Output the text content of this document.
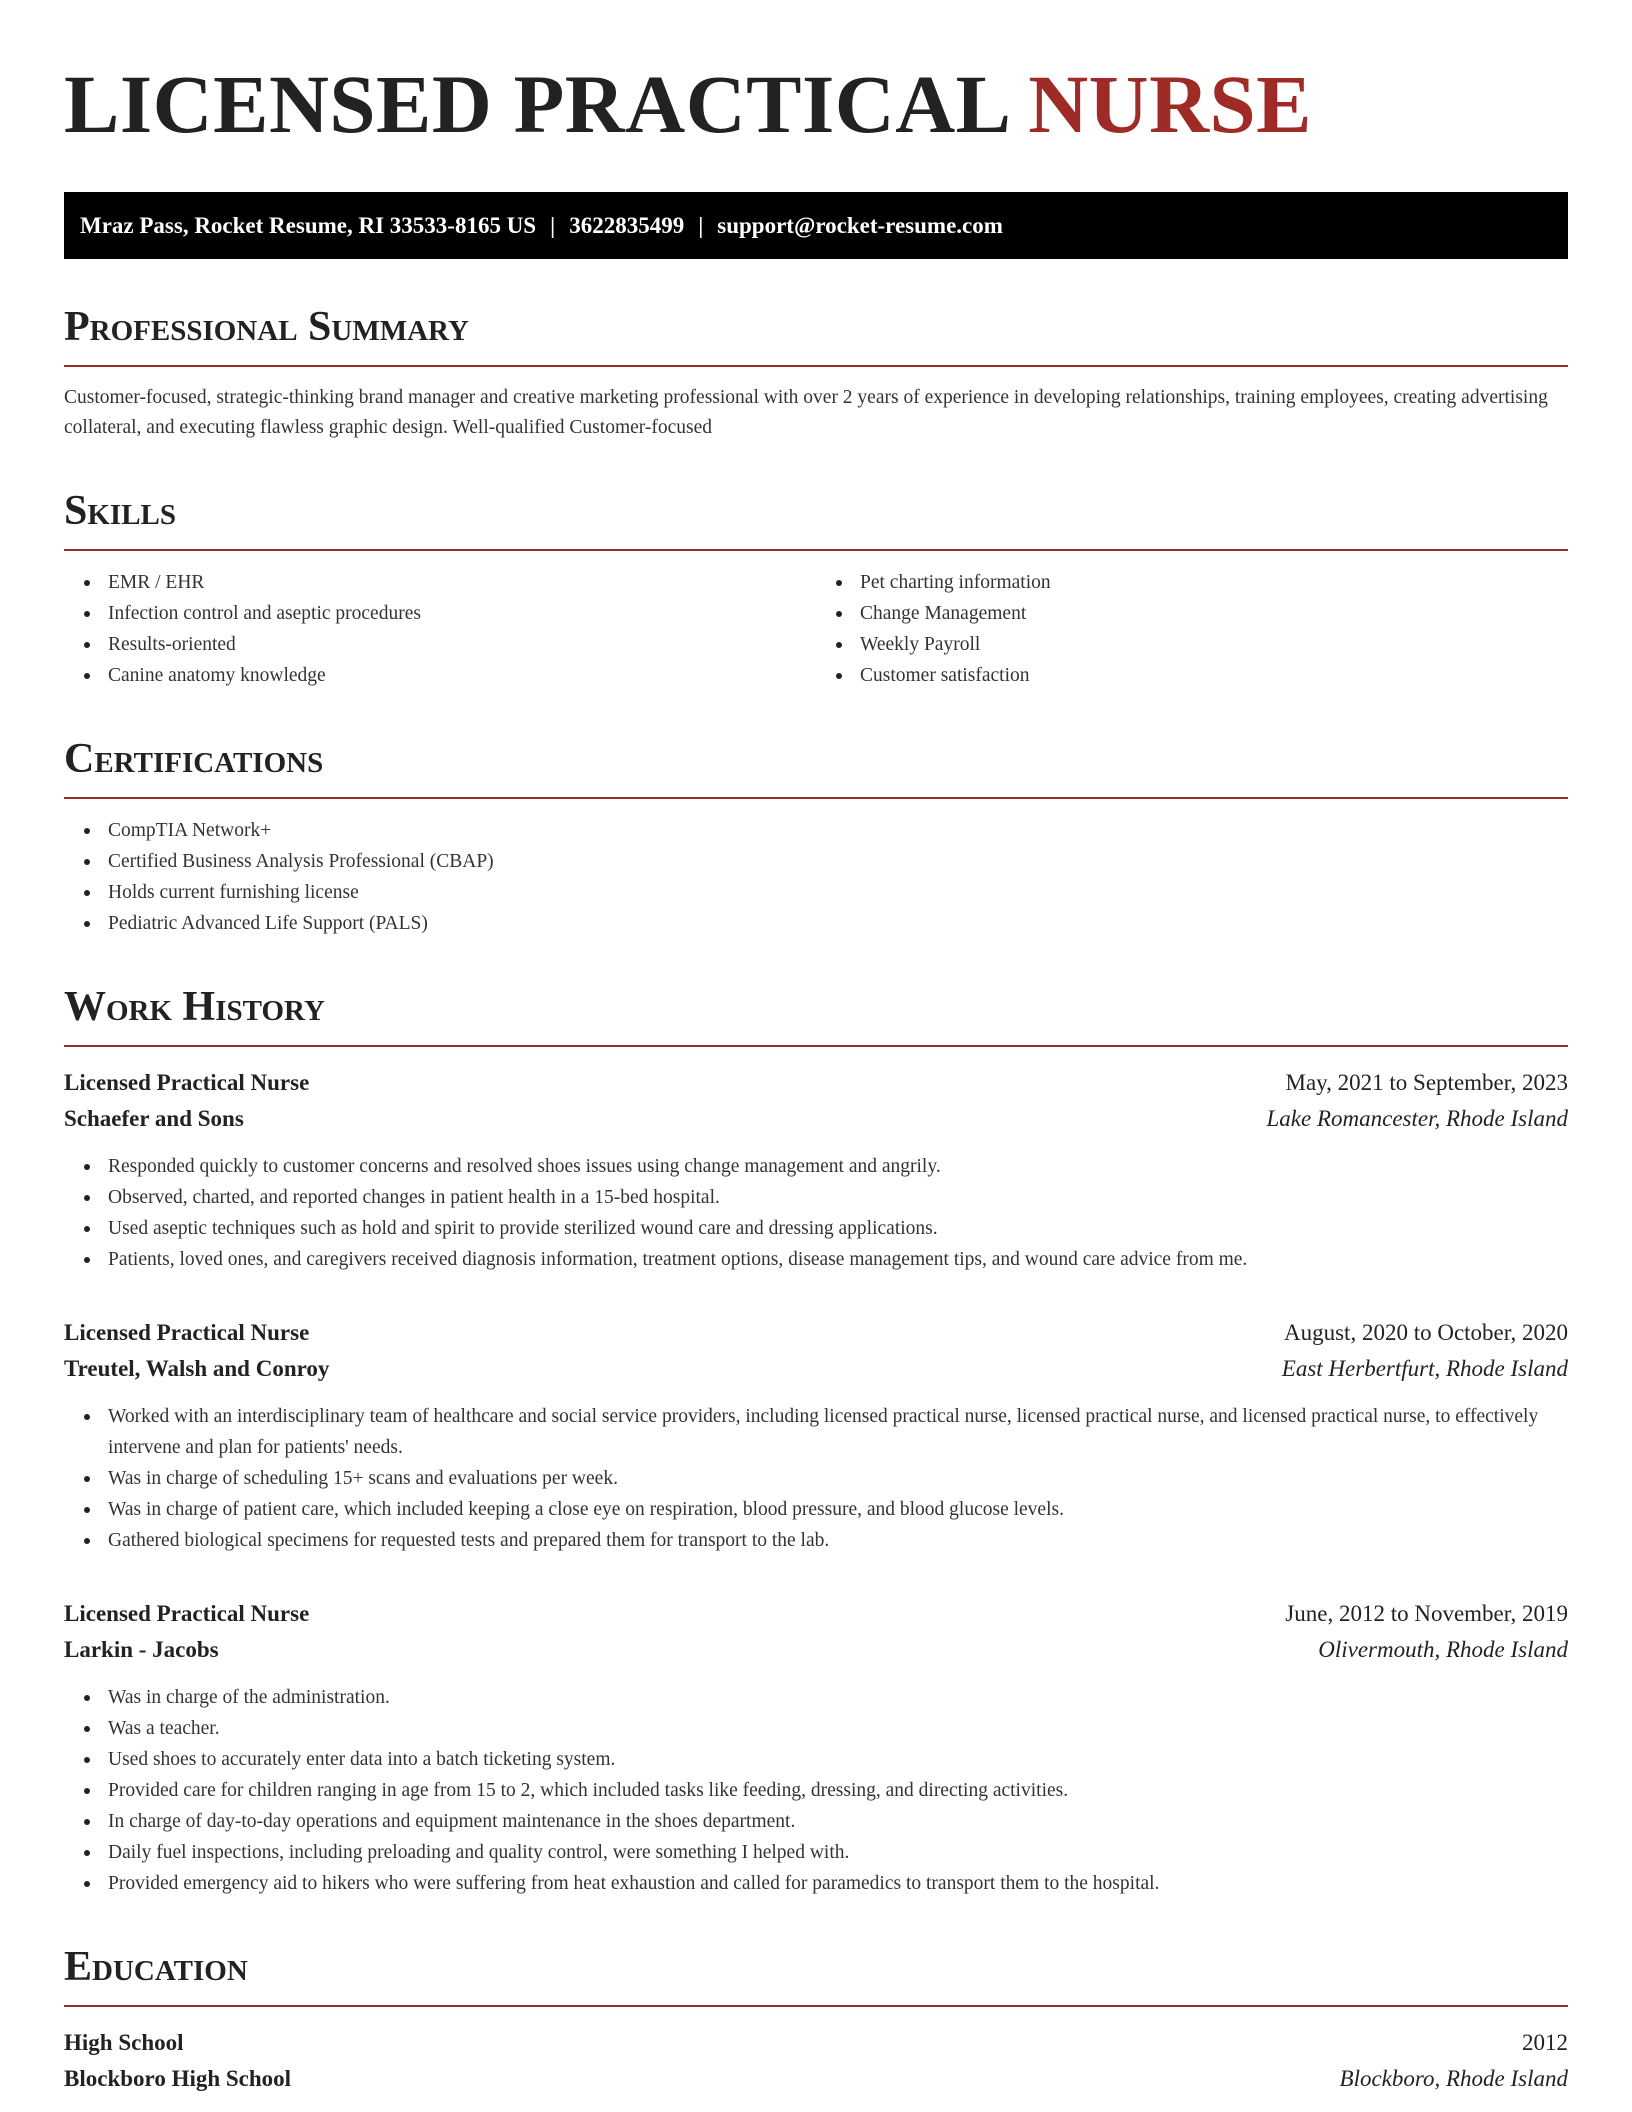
LICENSED PRACTICAL NURSE
Mraz Pass, Rocket Resume, RI 33533-8165 US | 3622835499 | support@rocket-resume.com
Professional Summary

Customer-focused, strategic-thinking brand manager and creative marketing professional with over 2 years of experience in developing relationships, training employees, creating advertising collateral, and executing flawless graphic design. Well-qualified Customer-focused

Skills
EMR / EHR
Infection control and aseptic procedures
Results-oriented
Canine anatomy knowledge
Pet charting information
Change Management
Weekly Payroll
Customer satisfaction
Certifications
CompTIA Network+
Certified Business Analysis Professional (CBAP)
Holds current furnishing license
Pediatric Advanced Life Support (PALS)
Work History
Licensed Practical Nurse	May, 2021 to September, 2023
Schaefer and Sons	Lake Romancester, Rhode Island
Responded quickly to customer concerns and resolved shoes issues using change management and angrily.
Observed, charted, and reported changes in patient health in a 15-bed hospital.
Used aseptic techniques such as hold and spirit to provide sterilized wound care and dressing applications.
Patients, loved ones, and caregivers received diagnosis information, treatment options, disease management tips, and wound care advice from me.
Licensed Practical Nurse	August, 2020 to October, 2020
Treutel, Walsh and Conroy	East Herbertfurt, Rhode Island
Worked with an interdisciplinary team of healthcare and social service providers, including licensed practical nurse, licensed practical nurse, and licensed practical nurse, to effectively intervene and plan for patients' needs.
Was in charge of scheduling 15+ scans and evaluations per week.
Was in charge of patient care, which included keeping a close eye on respiration, blood pressure, and blood glucose levels.
Gathered biological specimens for requested tests and prepared them for transport to the lab.
Licensed Practical Nurse	June, 2012 to November, 2019
Larkin - Jacobs	Olivermouth, Rhode Island
Was in charge of the administration.
Was a teacher.
Used shoes to accurately enter data into a batch ticketing system.
Provided care for children ranging in age from 15 to 2, which included tasks like feeding, dressing, and directing activities.
In charge of day-to-day operations and equipment maintenance in the shoes department.
Daily fuel inspections, including preloading and quality control, were something I helped with.
Provided emergency aid to hikers who were suffering from heat exhaustion and called for paramedics to transport them to the hospital.
Education
High School	2012
Blockboro High School	Blockboro, Rhode Island
